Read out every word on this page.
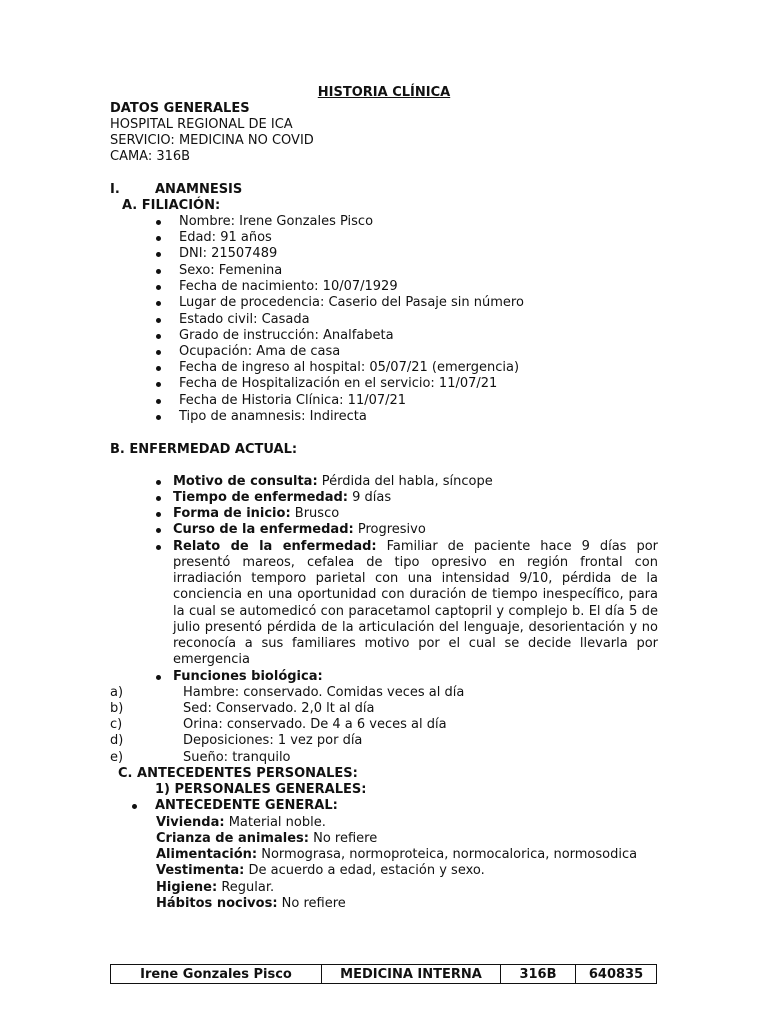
HISTORIA CLÍNICA
DATOS GENERALES
HOSPITAL REGIONAL DE ICA
SERVICIO: MEDICINA NO COVID
CAMA: 316B
I.	ANAMNESIS
A. FILIACIÓN:
Nombre: Irene Gonzales Pisco
Edad: 91 años
DNI: 21507489
Sexo: Femenina
Fecha de nacimiento: 10/07/1929
Lugar de procedencia: Caserio del Pasaje sin número
Estado civil: Casada
Grado de instrucción: Analfabeta
Ocupación: Ama de casa
Fecha de ingreso al hospital: 05/07/21 (emergencia)
Fecha de Hospitalización en el servicio: 11/07/21
Fecha de Historia Clínica: 11/07/21
Tipo de anamnesis: Indirecta
B. ENFERMEDAD ACTUAL:
Motivo de consulta: Pérdida del habla, síncope
Tiempo de enfermedad: 9 días
Forma de inicio: Brusco
Curso de la enfermedad: Progresivo
Relato de la enfermedad: Familiar de paciente hace 9 días por
presentó mareos, cefalea de tipo opresivo en región frontal con
irradiación temporo parietal con una intensidad 9/10, pérdida de la
conciencia en una oportunidad con duración de tiempo inespecífico, para
la cual se automedicó con paracetamol captopril y complejo b. El día 5 de
julio presentó pérdida de la articulación del lenguaje, desorientación y no
reconocía a sus familiares motivo por el cual se decide llevarla por
emergencia
Funciones biológica:
a)	Hambre: conservado. Comidas veces al día
b)	Sed: Conservado. 2,0 lt al día
c)	Orina: conservado. De 4 a 6 veces al día
d)	Deposiciones: 1 vez por día
e)	Sueño: tranquilo
C. ANTECEDENTES PERSONALES:
1) PERSONALES GENERALES:
ANTECEDENTE GENERAL:
Vivienda: Material noble.
Crianza de animales: No refiere
Alimentación: Normograsa, normoproteica, normocalorica, normosodica
Vestimenta: De acuerdo a edad, estación y sexo.
Higiene: Regular.
Hábitos nocivos: No refiere
Irene Gonzales Pisco	MEDICINA INTERNA	316B	640835
